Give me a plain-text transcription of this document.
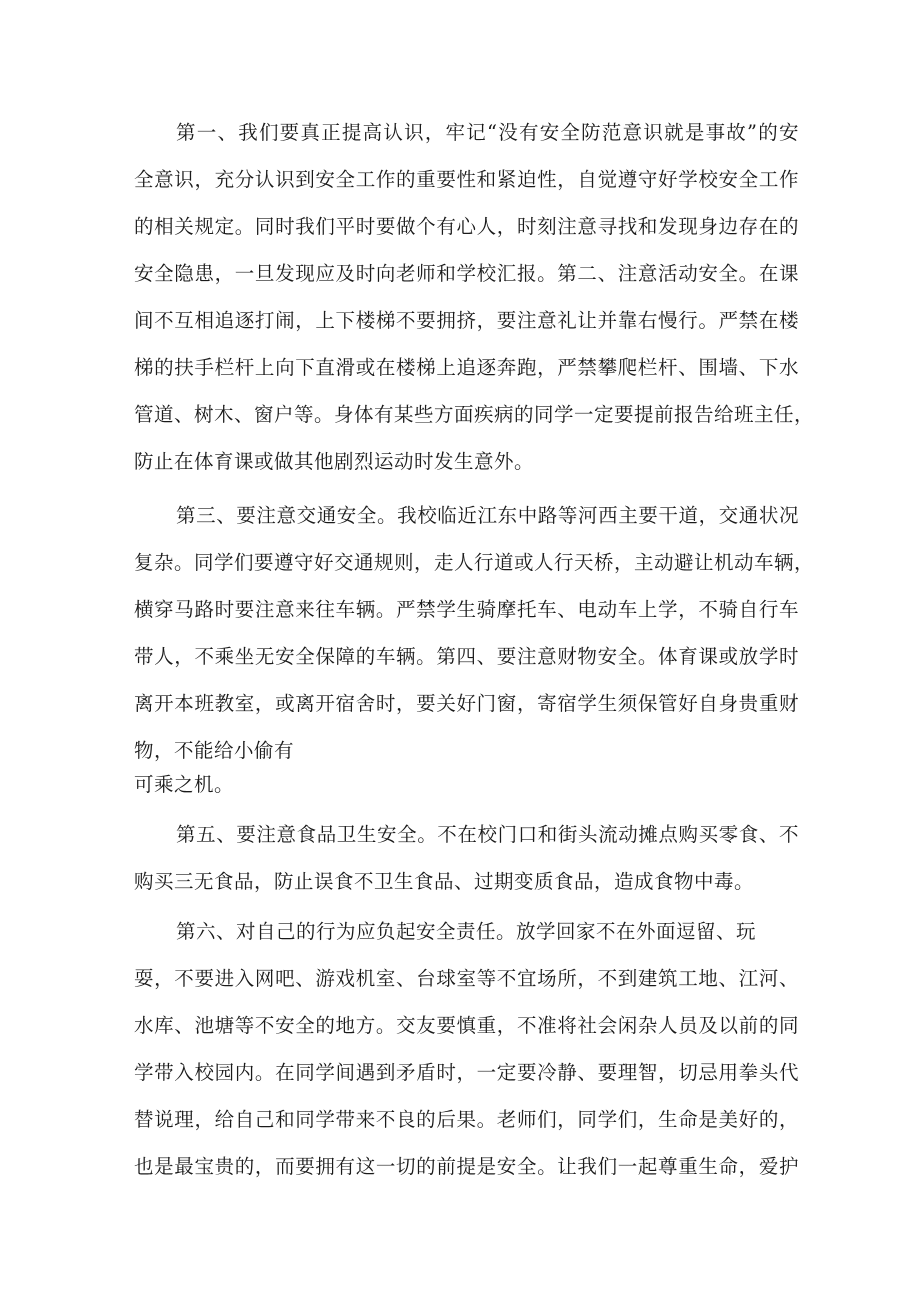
第一、我们要真正提高认识，牢记“没有安全防范意识就是事故”的安
全意识，充分认识到安全工作的重要性和紧迫性，自觉遵守好学校安全工作
的相关规定。同时我们平时要做个有心人，时刻注意寻找和发现身边存在的
安全隐患，一旦发现应及时向老师和学校汇报。第二、注意活动安全。在课
间不互相追逐打闹，上下楼梯不要拥挤，要注意礼让并靠右慢行。严禁在楼
梯的扶手栏杆上向下直滑或在楼梯上追逐奔跑，严禁攀爬栏杆、围墙、下水
管道、树木、窗户等。身体有某些方面疾病的同学一定要提前报告给班主任，
防止在体育课或做其他剧烈运动时发生意外。
第三、要注意交通安全。我校临近江东中路等河西主要干道，交通状况
复杂。同学们要遵守好交通规则，走人行道或人行天桥，主动避让机动车辆，
横穿马路时要注意来往车辆。严禁学生骑摩托车、电动车上学，不骑自行车
带人，不乘坐无安全保障的车辆。第四、要注意财物安全。体育课或放学时
离开本班教室，或离开宿舍时，要关好门窗，寄宿学生须保管好自身贵重财
物，不能给小偷有
可乘之机。
第五、要注意食品卫生安全。不在校门口和街头流动摊点购买零食、不
购买三无食品，防止误食不卫生食品、过期变质食品，造成食物中毒。
第六、对自己的行为应负起安全责任。放学回家不在外面逗留、玩
耍，不要进入网吧、游戏机室、台球室等不宜场所，不到建筑工地、江河、
水库、池塘等不安全的地方。交友要慎重，不准将社会闲杂人员及以前的同
学带入校园内。在同学间遇到矛盾时，一定要冷静、要理智，切忌用拳头代
替说理，给自己和同学带来不良的后果。老师们，同学们，生命是美好的，
也是最宝贵的，而要拥有这一切的前提是安全。让我们一起尊重生命，爱护
